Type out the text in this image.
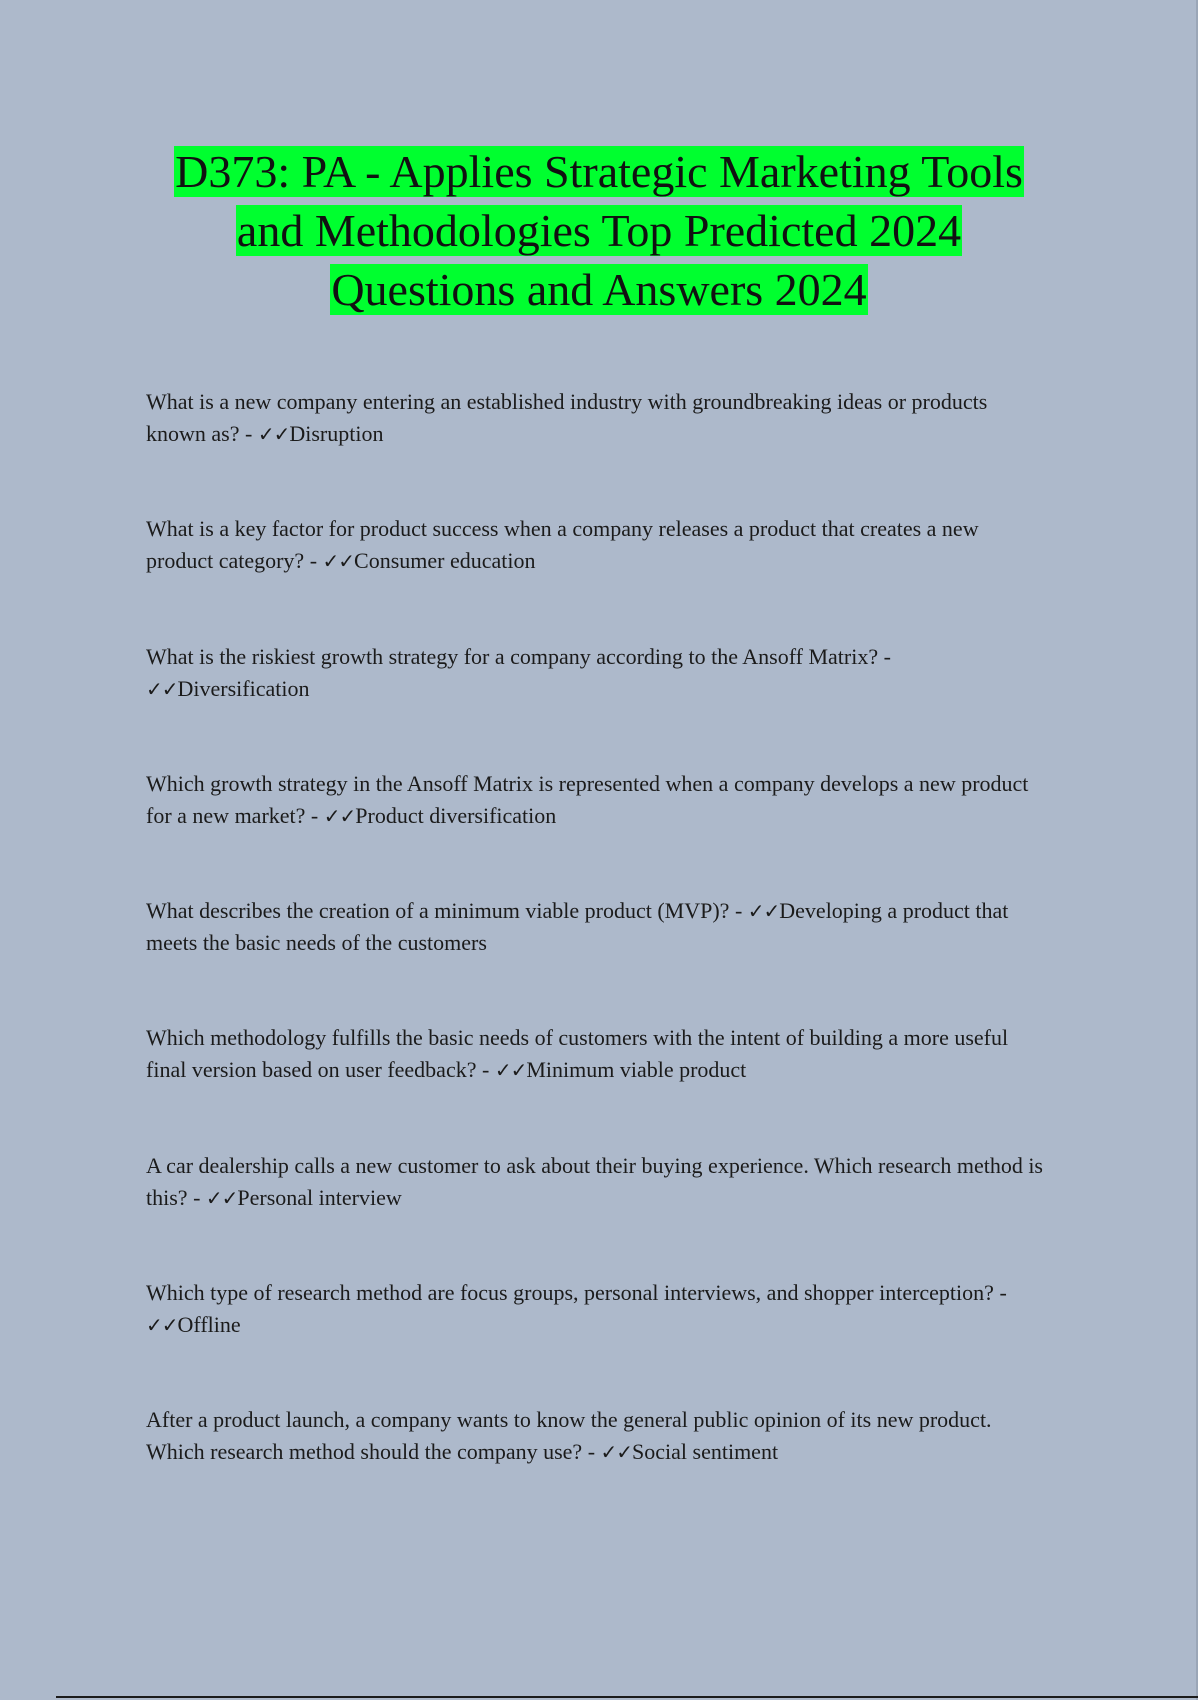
D373: PA - Applies Strategic Marketing Tools
and Methodologies Top Predicted 2024
Questions and Answers 2024
What is a new company entering an established industry with groundbreaking ideas or products known as? - ✓✓Disruption
What is a key factor for product success when a company releases a product that creates a new product category? - ✓✓Consumer education
What is the riskiest growth strategy for a company according to the Ansoff Matrix? - ✓✓Diversification
Which growth strategy in the Ansoff Matrix is represented when a company develops a new product for a new market? - ✓✓Product diversification
What describes the creation of a minimum viable product (MVP)? - ✓✓Developing a product that meets the basic needs of the customers
Which methodology fulfills the basic needs of customers with the intent of building a more useful final version based on user feedback? - ✓✓Minimum viable product
A car dealership calls a new customer to ask about their buying experience. Which research method is this? - ✓✓Personal interview
Which type of research method are focus groups, personal interviews, and shopper interception? - ✓✓Offline
After a product launch, a company wants to know the general public opinion of its new product. Which research method should the company use? - ✓✓Social sentiment
